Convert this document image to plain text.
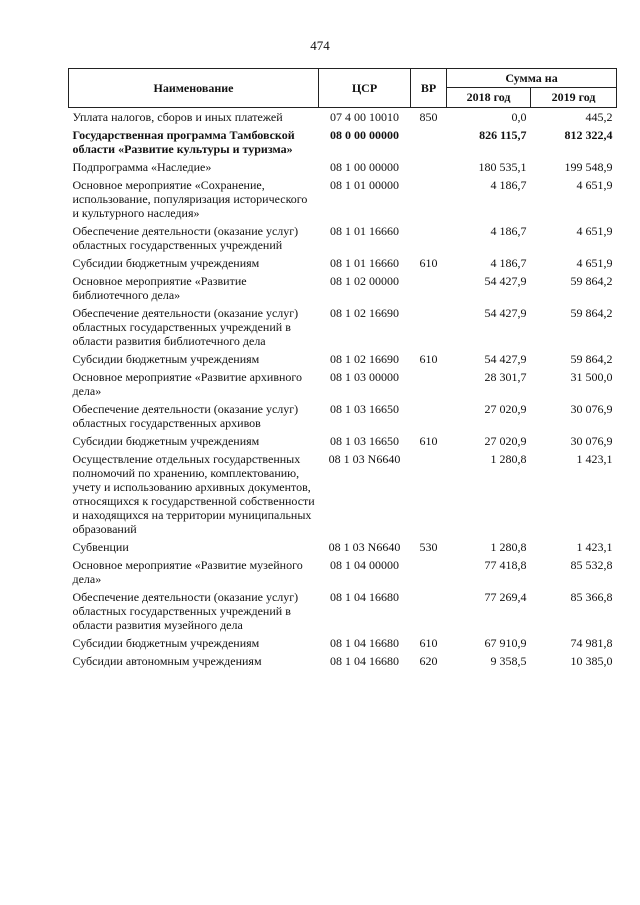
474
Наименование	ЦСР	ВР	Сумма на	
			2018 год	2019 год
Уплата налогов, сборов и иных платежей	07 4 00 10010	850	0,0	445,2
Государственная программа Тамбовской области «Развитие культуры и туризма»	08 0 00 00000		826 115,7	812 322,4
Подпрограмма «Наследие»	08 1 00 00000		180 535,1	199 548,9
Основное мероприятие «Сохранение, использование, популяризация исторического и культурного наследия»	08 1 01 00000		4 186,7	4 651,9
Обеспечение деятельности (оказание услуг) областных государственных учреждений	08 1 01 16660		4 186,7	4 651,9
Субсидии бюджетным учреждениям	08 1 01 16660	610	4 186,7	4 651,9
Основное мероприятие «Развитие библиотечного дела»	08 1 02 00000		54 427,9	59 864,2
Обеспечение деятельности (оказание услуг) областных государственных учреждений в области развития библиотечного дела	08 1 02 16690		54 427,9	59 864,2
Субсидии бюджетным учреждениям	08 1 02 16690	610	54 427,9	59 864,2
Основное мероприятие «Развитие архивного дела»	08 1 03 00000		28 301,7	31 500,0
Обеспечение деятельности (оказание услуг) областных государственных архивов	08 1 03 16650		27 020,9	30 076,9
Субсидии бюджетным учреждениям	08 1 03 16650	610	27 020,9	30 076,9
Осуществление отдельных государственных полномочий по хранению, комплектованию, учету и использованию архивных документов, относящихся к государственной собственности и находящихся на территории муниципальных образований	08 1 03 N6640		1 280,8	1 423,1
Субвенции	08 1 03 N6640	530	1 280,8	1 423,1
Основное мероприятие «Развитие музейного дела»	08 1 04 00000		77 418,8	85 532,8
Обеспечение деятельности (оказание услуг) областных государственных учреждений в области развития музейного дела	08 1 04 16680		77 269,4	85 366,8
Субсидии бюджетным учреждениям	08 1 04 16680	610	67 910,9	74 981,8
Субсидии автономным учреждениям	08 1 04 16680	620	9 358,5	10 385,0
